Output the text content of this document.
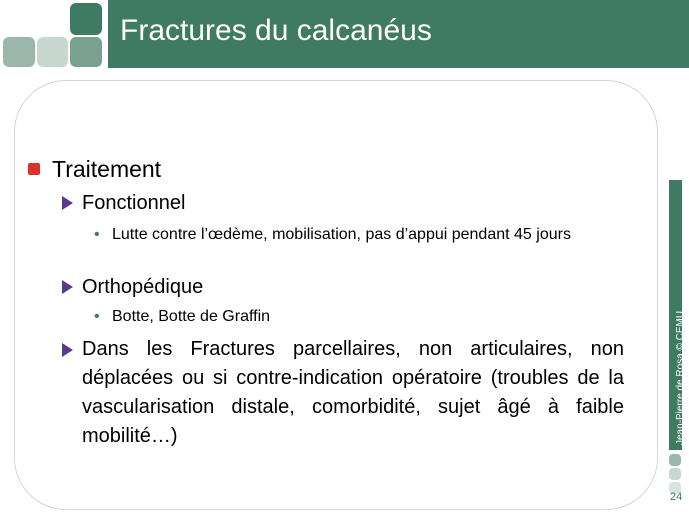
Fractures du calcanéus
Jean-Pierre de Rosa © CEMU
24
Traitement
Fonctionnel
• Lutte contre l’œdème, mobilisation, pas d’appui pendant 45 jours
Orthopédique
• Botte, Botte de Graffin
Dans les Fractures parcellaires, non articulaires, non déplacées ou si contre-indication opératoire (troubles de la vascularisation distale, comorbidité, sujet âgé à faible mobilité…)
